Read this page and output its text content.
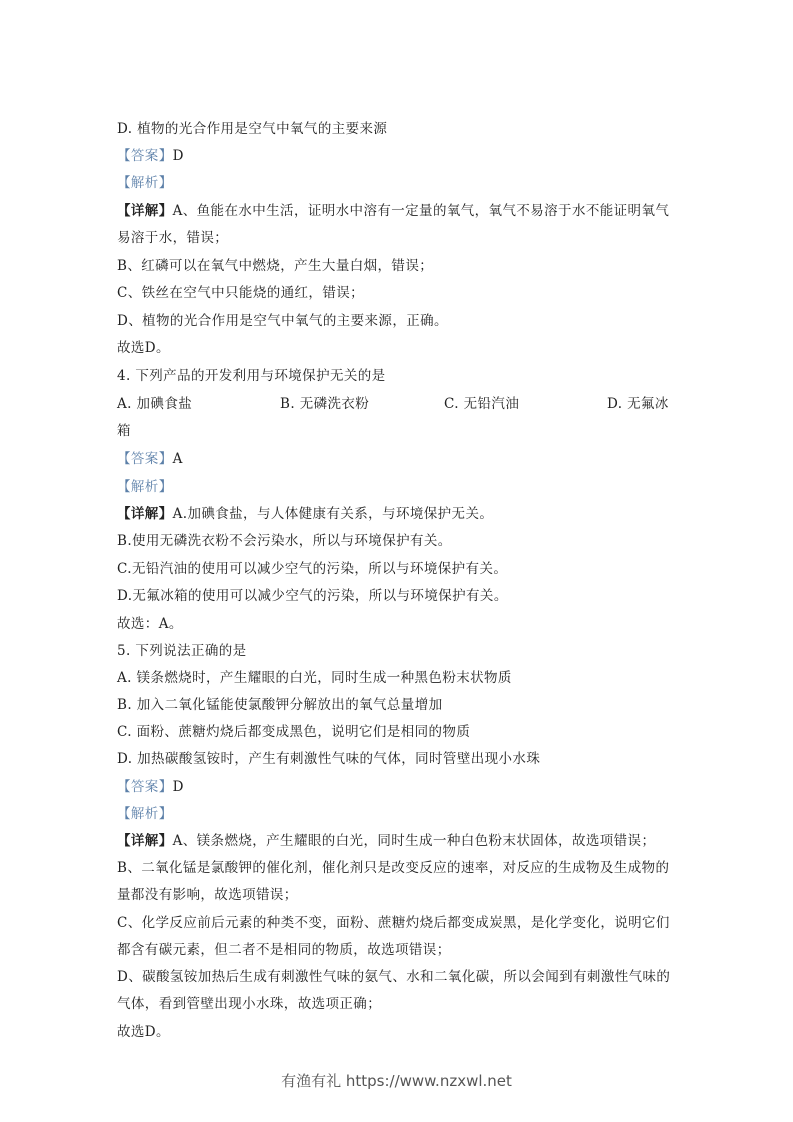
D. 植物的光合作用是空气中氧气的主要来源
【答案】D
【解析】
【详解】A、鱼能在水中生活，证明水中溶有一定量的氧气，氧气不易溶于水不能证明氧气
易溶于水，错误；
B、红磷可以在氧气中燃烧，产生大量白烟，错误；
C、铁丝在空气中只能烧的通红，错误；
D、植物的光合作用是空气中氧气的主要来源，正确。
故选D。
4. 下列产品的开发利用与环境保护无关的是
A. 加碘食盐	B. 无磷洗衣粉	C. 无铅汽油	D. 无氟冰
箱
【答案】A
【解析】
【详解】A.加碘食盐，与人体健康有关系，与环境保护无关。
B.使用无磷洗衣粉不会污染水，所以与环境保护有关。
C.无铅汽油的使用可以减少空气的污染，所以与环境保护有关。
D.无氟冰箱的使用可以减少空气的污染，所以与环境保护有关。
故选：A。
5. 下列说法正确的是
A. 镁条燃烧时，产生耀眼的白光，同时生成一种黑色粉末状物质
B. 加入二氧化锰能使氯酸钾分解放出的氧气总量增加
C. 面粉、蔗糖灼烧后都变成黑色，说明它们是相同的物质
D. 加热碳酸氢铵时，产生有刺激性气味的气体，同时管壁出现小水珠
【答案】D
【解析】
【详解】A、镁条燃烧，产生耀眼的白光，同时生成一种白色粉末状固体，故选项错误；
B、二氧化锰是氯酸钾的催化剂，催化剂只是改变反应的速率，对反应的生成物及生成物的
量都没有影响，故选项错误；
C、化学反应前后元素的种类不变，面粉、蔗糖灼烧后都变成炭黑，是化学变化，说明它们
都含有碳元素，但二者不是相同的物质，故选项错误；
D、碳酸氢铵加热后生成有刺激性气味的氨气、水和二氧化碳，所以会闻到有刺激性气味的
气体，看到管壁出现小水珠，故选项正确；
故选D。
有渔有礼 https://www.nzxwl.net
